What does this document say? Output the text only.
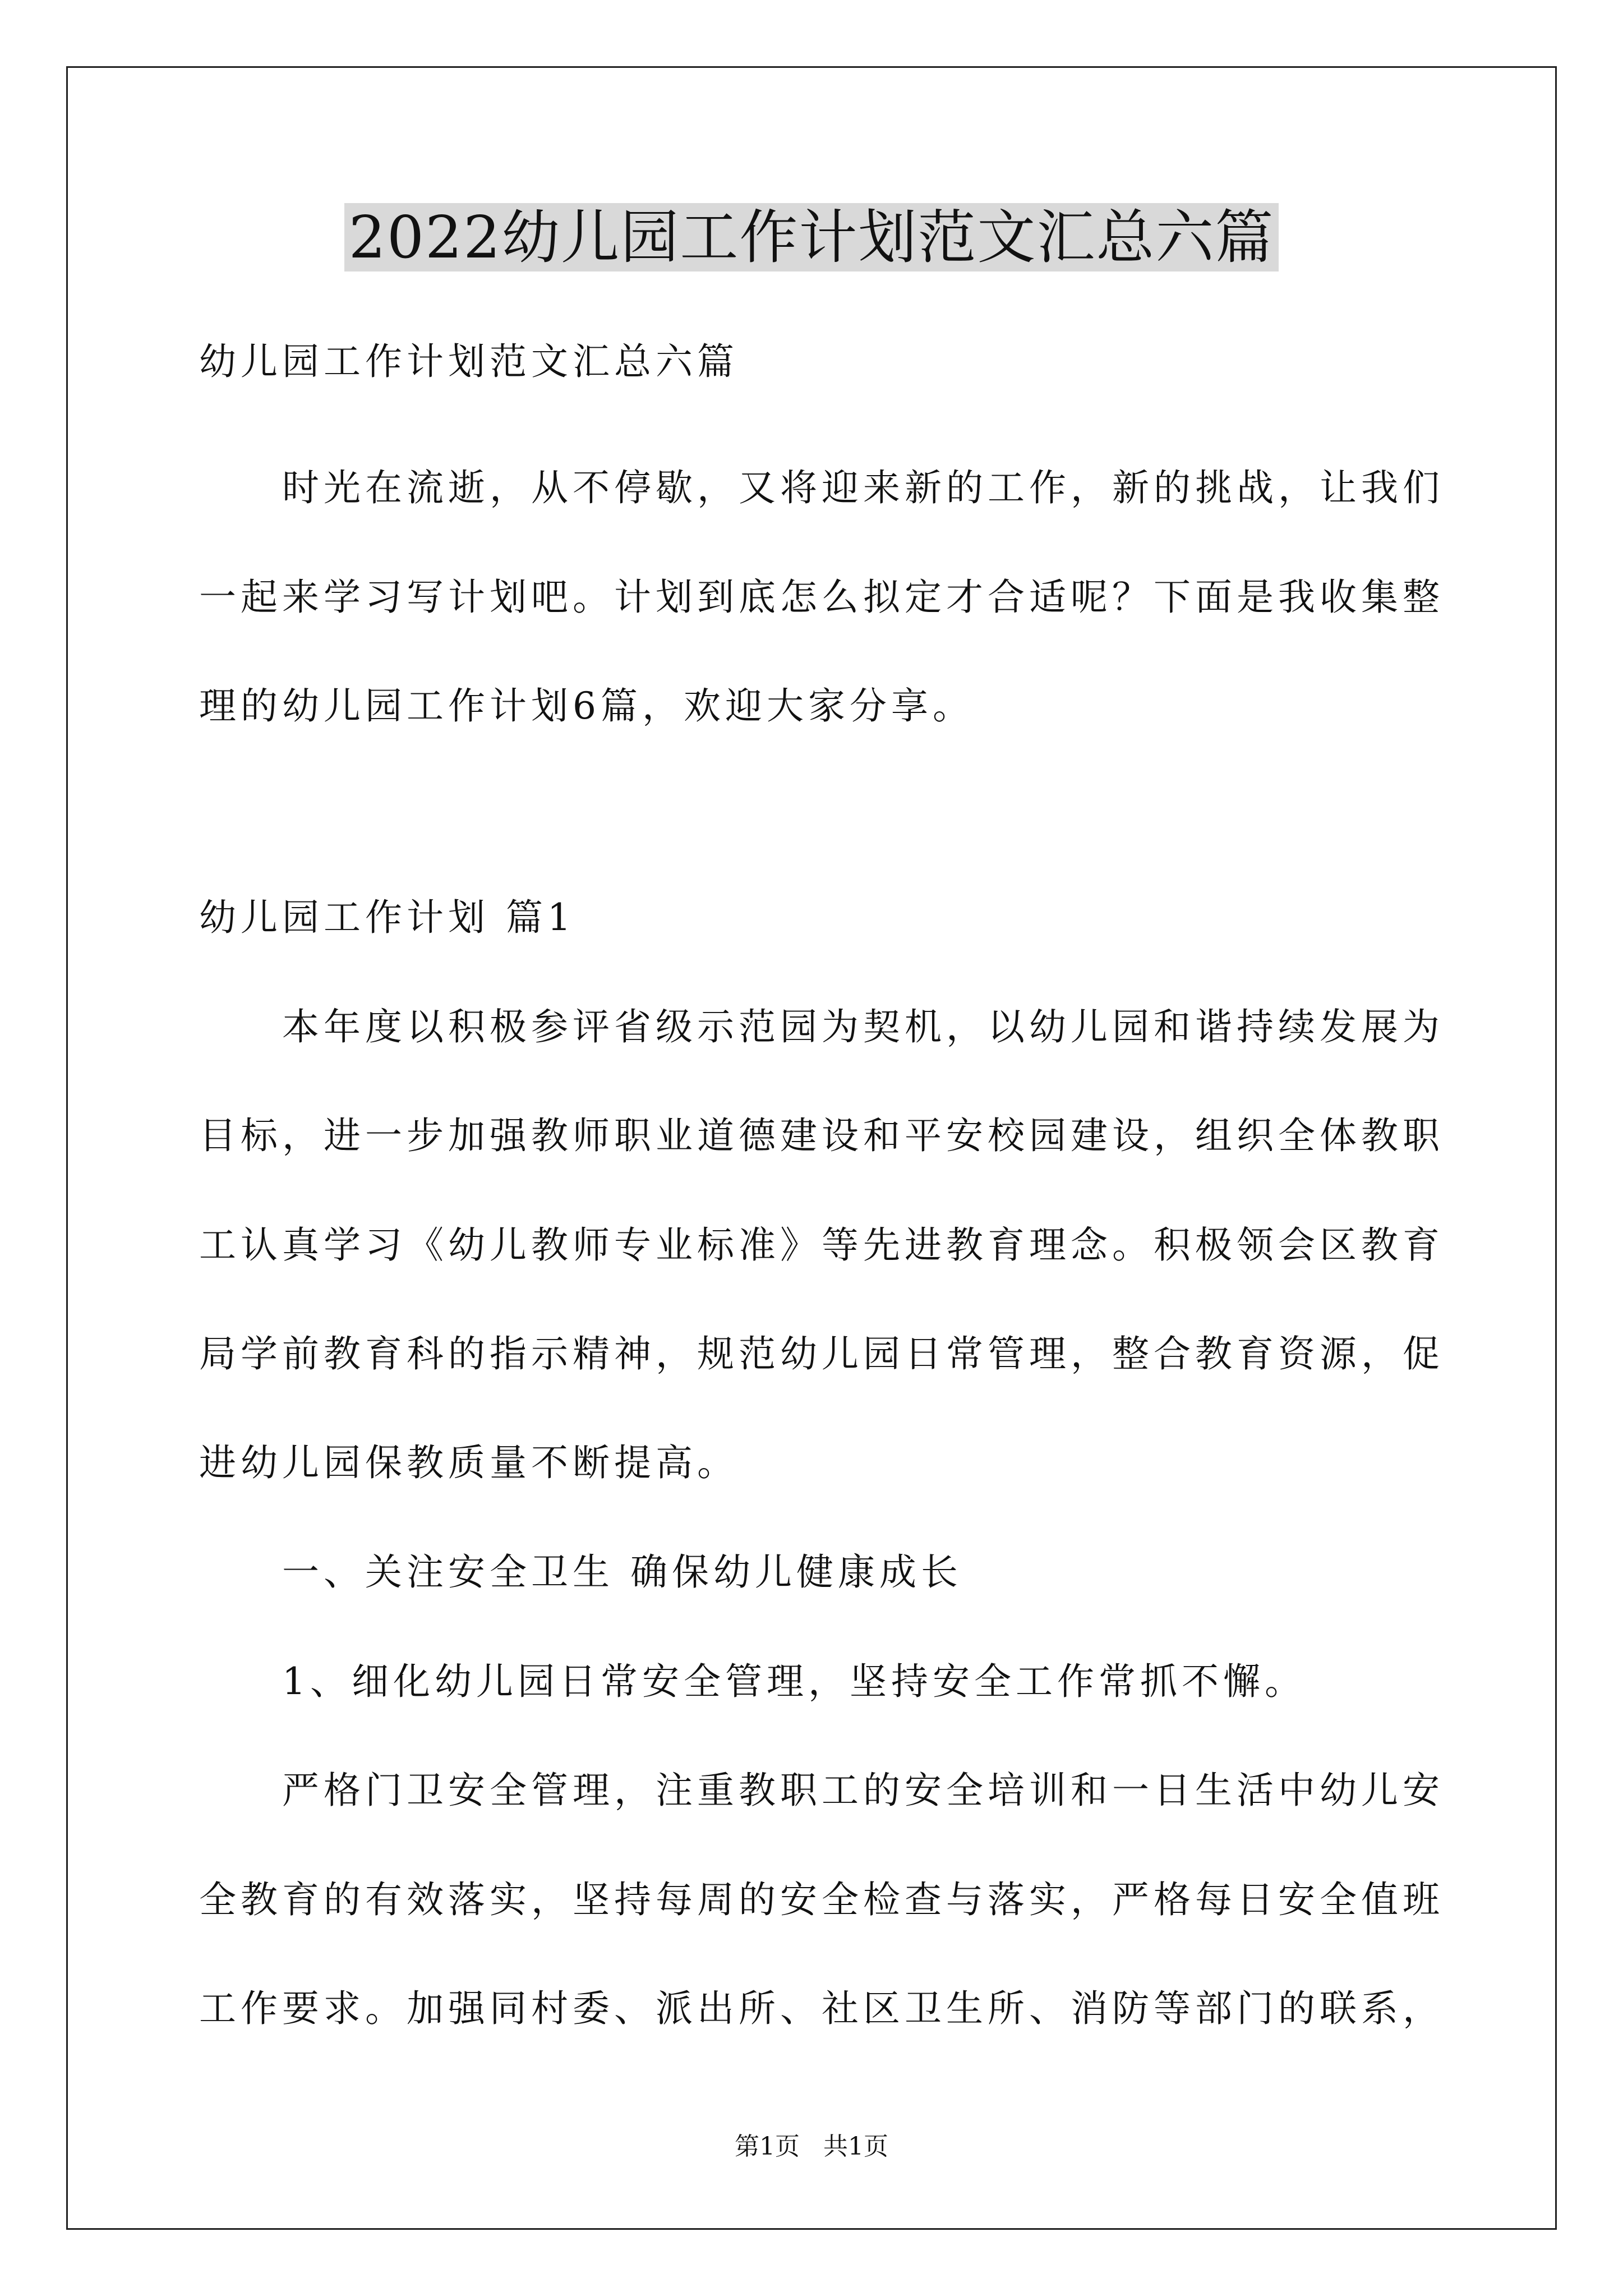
2022幼儿园工作计划范文汇总六篇

幼儿园工作计划范文汇总六篇

时光在流逝，从不停歇，又将迎来新的工作，新的挑战，让我们

一起来学习写计划吧。计划到底怎么拟定才合适呢？下面是我收集整

理的幼儿园工作计划6篇，欢迎大家分享。

幼儿园工作计划 篇1

本年度以积极参评省级示范园为契机，以幼儿园和谐持续发展为

目标，进一步加强教师职业道德建设和平安校园建设，组织全体教职

工认真学习《幼儿教师专业标准》等先进教育理念。积极领会区教育

局学前教育科的指示精神，规范幼儿园日常管理，整合教育资源，促

进幼儿园保教质量不断提高。

一、关注安全卫生 确保幼儿健康成长

1、细化幼儿园日常安全管理，坚持安全工作常抓不懈。

严格门卫安全管理，注重教职工的安全培训和一日生活中幼儿安

全教育的有效落实，坚持每周的安全检查与落实，严格每日安全值班

工作要求。加强同村委、派出所、社区卫生所、消防等部门的联系，

第1页   共1页
